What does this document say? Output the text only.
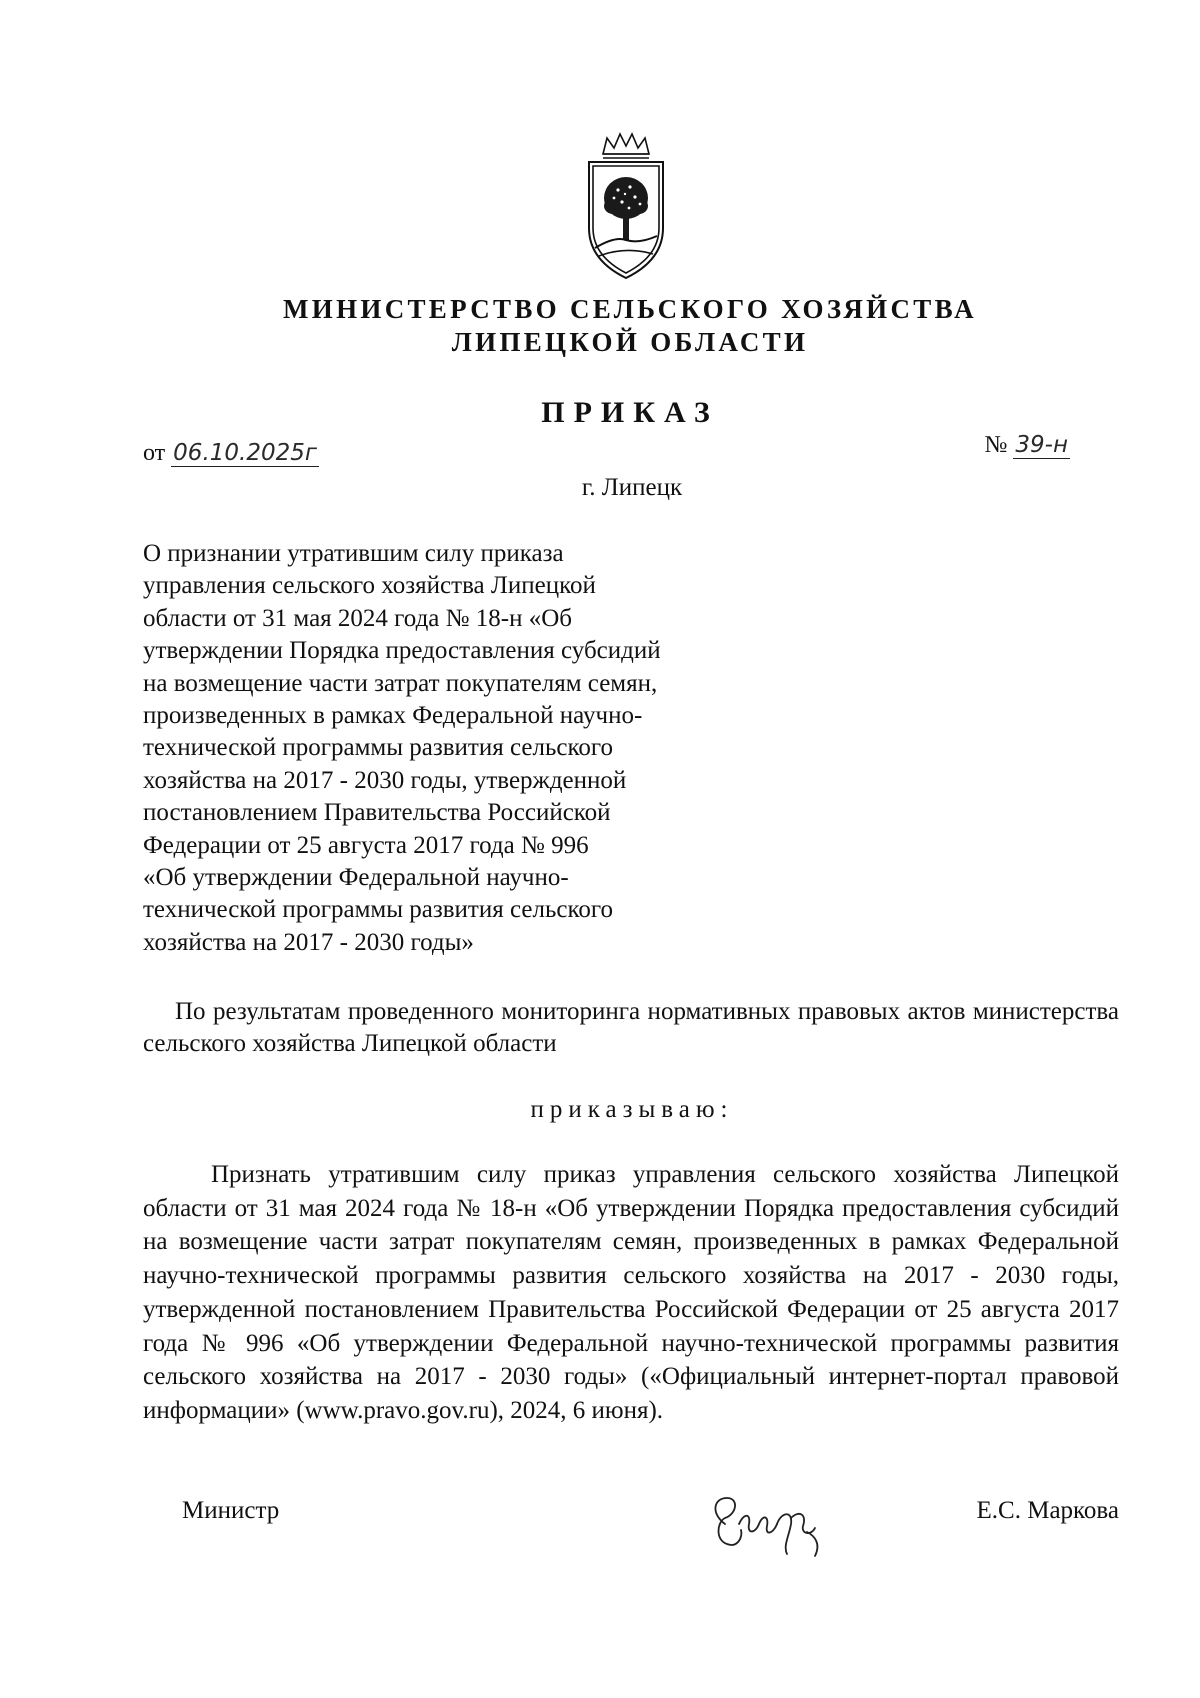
МИНИСТЕРСТВО СЕЛЬСКОГО ХОЗЯЙСТВА
ЛИПЕЦКОЙ ОБЛАСТИ
ПРИКАЗ
от 06.10.2025г	№ 39-н
г. Липецк
О признании утратившим силу приказа
управления сельского хозяйства Липецкой
области от 31 мая 2024 года № 18-н «Об
утверждении Порядка предоставления субсидий
на возмещение части затрат покупателям семян,
произведенных в рамках Федеральной научно-
технической программы развития сельского
хозяйства на 2017 - 2030 годы, утвержденной
постановлением Правительства Российской
Федерации от 25 августа 2017 года № 996
«Об утверждении Федеральной научно-
технической программы развития сельского
хозяйства на 2017 - 2030 годы»
По результатам проведенного мониторинга нормативных правовых актов министерства сельского хозяйства Липецкой области
приказываю:
Признать утратившим силу приказ управления сельского хозяйства Липецкой области от 31 мая 2024 года № 18-н «Об утверждении Порядка предоставления субсидий на возмещение части затрат покупателям семян, произведенных в рамках Федеральной научно-технической программы развития сельского хозяйства на 2017 - 2030 годы, утвержденной постановлением Правительства Российской Федерации от 25 августа 2017 года № 996 «Об утверждении Федеральной научно-технической программы развития сельского хозяйства на 2017 - 2030 годы» («Официальный интернет-портал правовой информации» (www.pravo.gov.ru), 2024, 6 июня).
Министр	Е.С. Маркова
